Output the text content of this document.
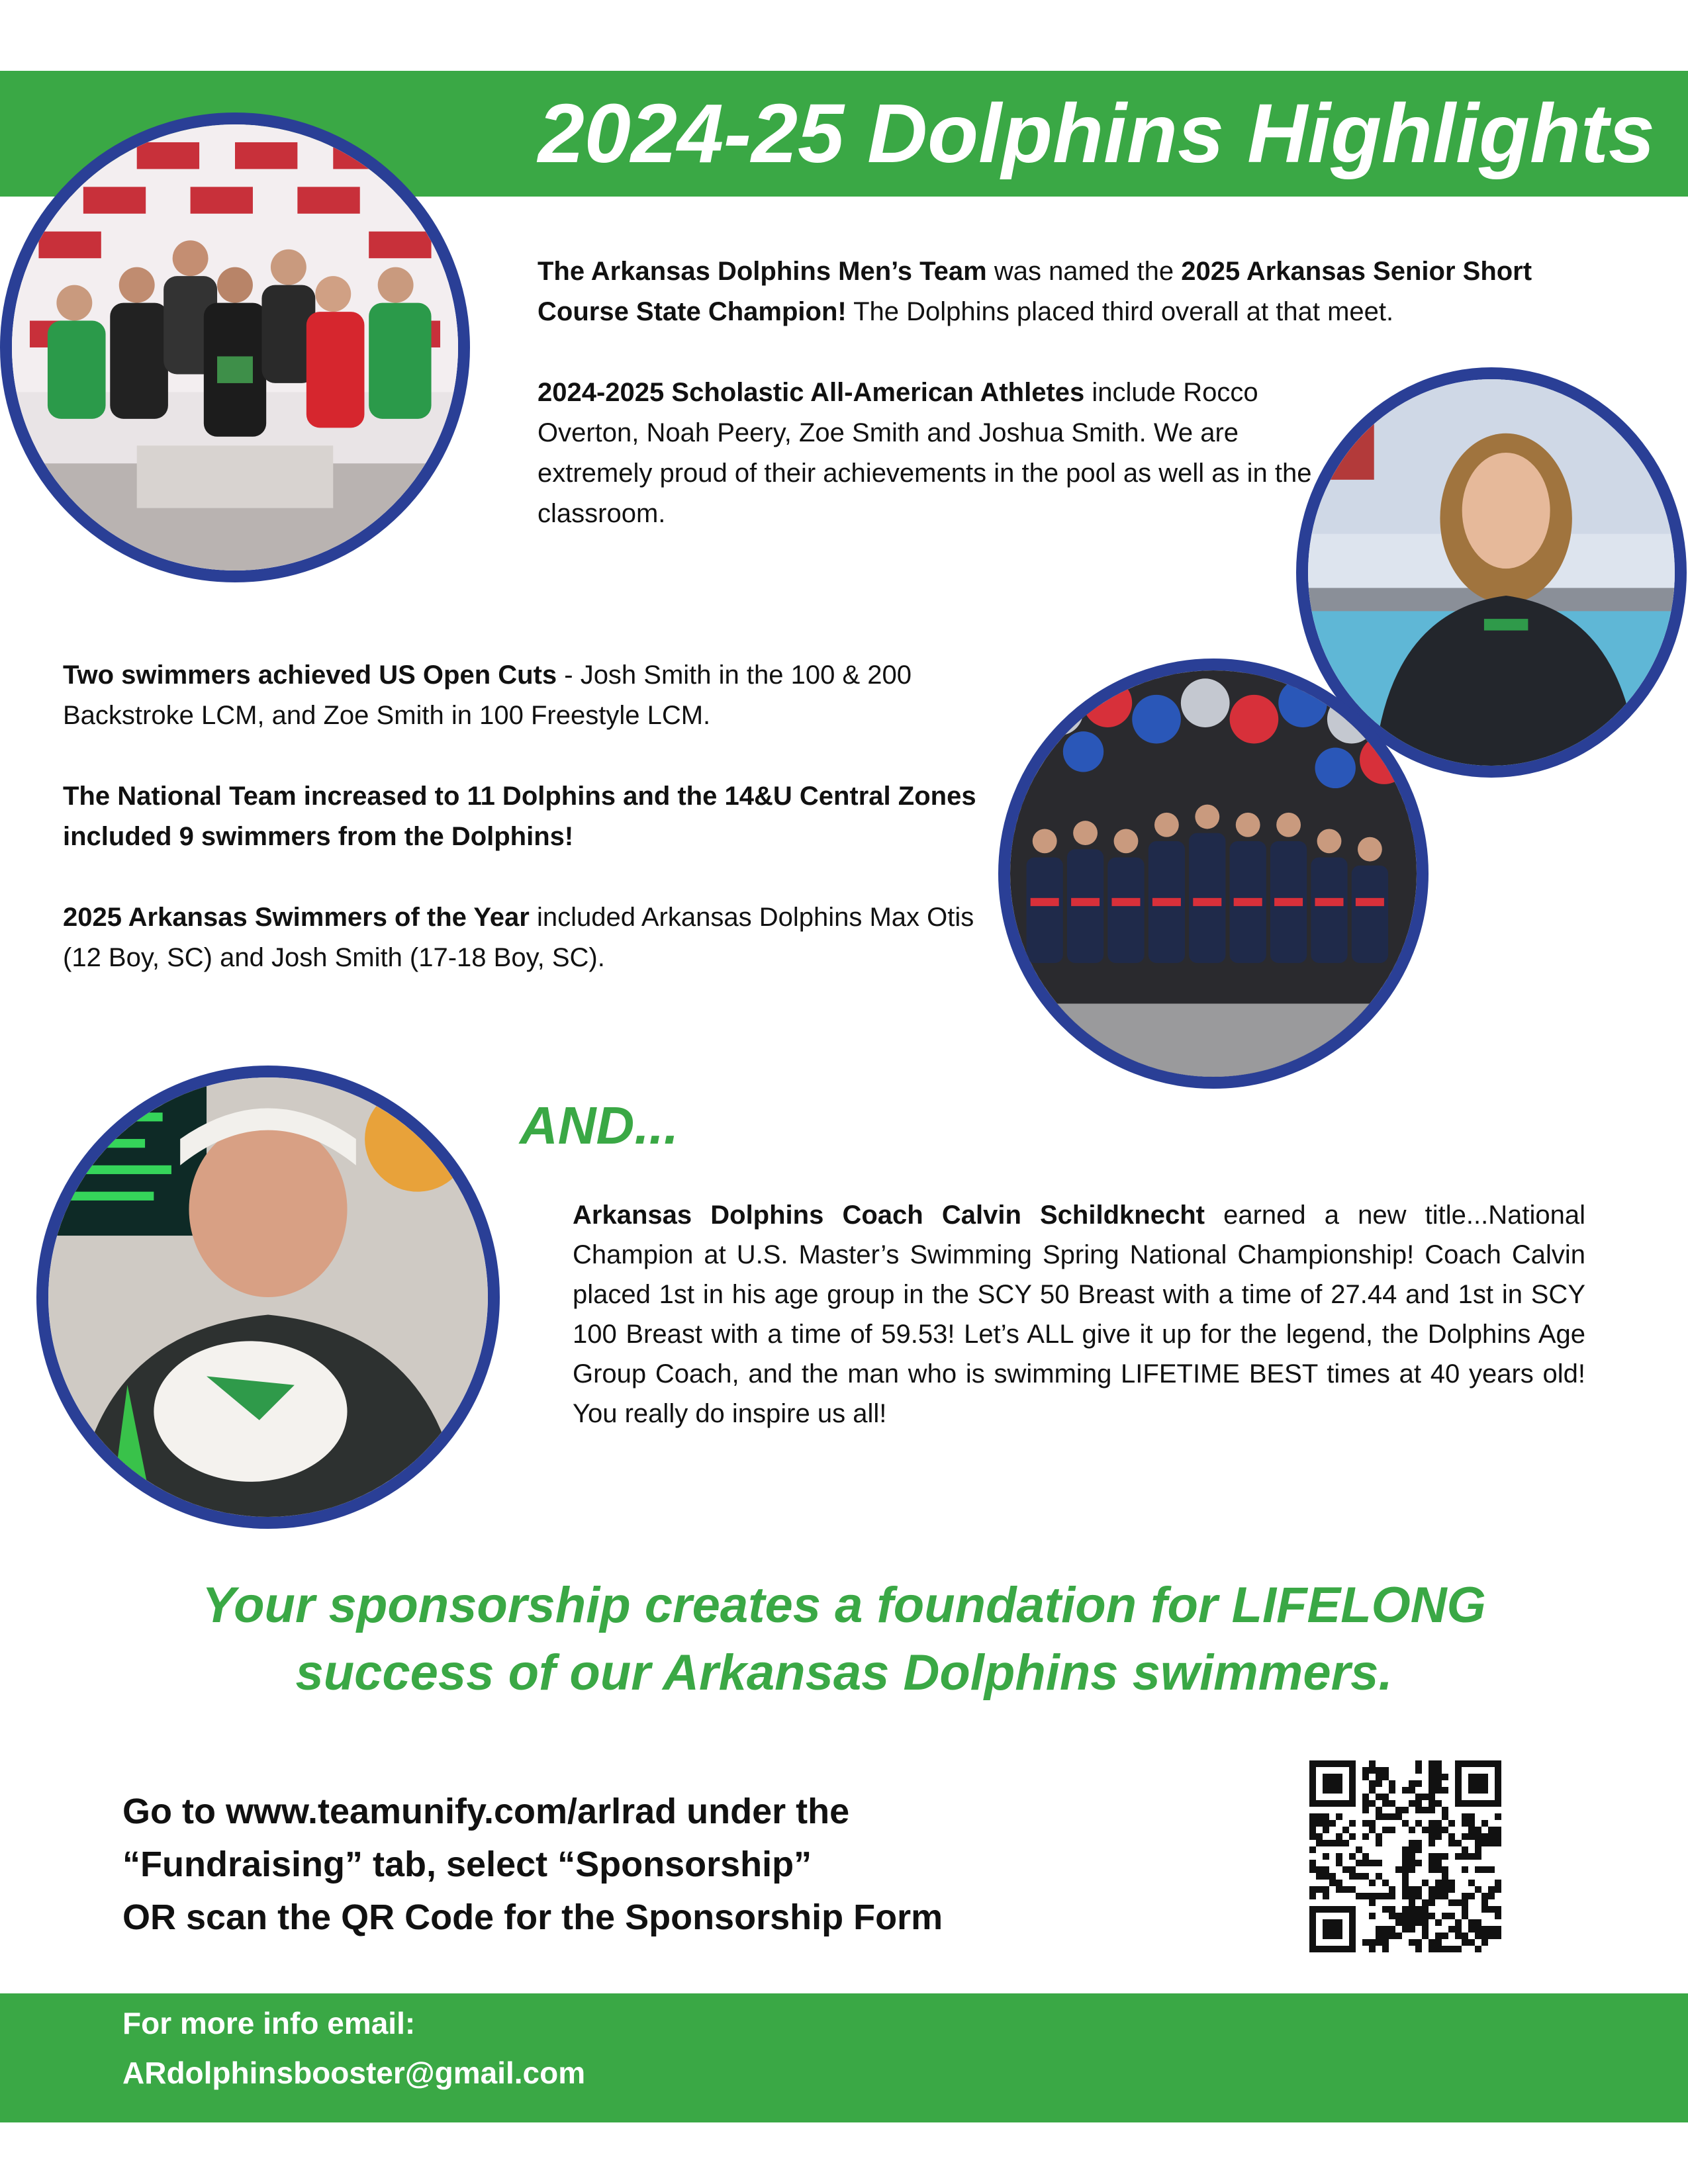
2024-25 Dolphins Highlights
The Arkansas Dolphins Men’s Team was named the 2025 Arkansas Senior Short Course State Champion! The Dolphins placed third overall at that meet.
2024-2025 Scholastic All-American Athletes include Rocco Overton, Noah Peery, Zoe Smith and Joshua Smith. We are extremely proud of their achievements in the pool as well as in the classroom.
Two swimmers achieved US Open Cuts - Josh Smith in the 100 & 200 Backstroke LCM, and Zoe Smith in 100 Freestyle LCM.
The National Team increased to 11 Dolphins and the 14&U Central Zones included 9 swimmers from the Dolphins!
2025 Arkansas Swimmers of the Year included Arkansas Dolphins Max Otis (12 Boy, SC) and Josh Smith (17-18 Boy, SC).
AND...
Arkansas Dolphins Coach Calvin Schildknecht earned a new title...National Champion at U.S. Master’s Swimming Spring National Championship! Coach Calvin placed 1st in his age group in the SCY 50 Breast with a time of 27.44 and 1st in SCY 100 Breast with a time of 59.53! Let’s ALL give it up for the legend, the Dolphins Age Group Coach, and the man who is swimming LIFETIME BEST times at 40 years old! You really do inspire us all!
Your sponsorship creates a foundation for LIFELONG
success of our Arkansas Dolphins swimmers.
Go to www.teamunify.com/arlrad under the
“Fundraising” tab, select “Sponsorship”
OR scan the QR Code for the Sponsorship Form
For more info email:
ARdolphinsbooster@gmail.com
